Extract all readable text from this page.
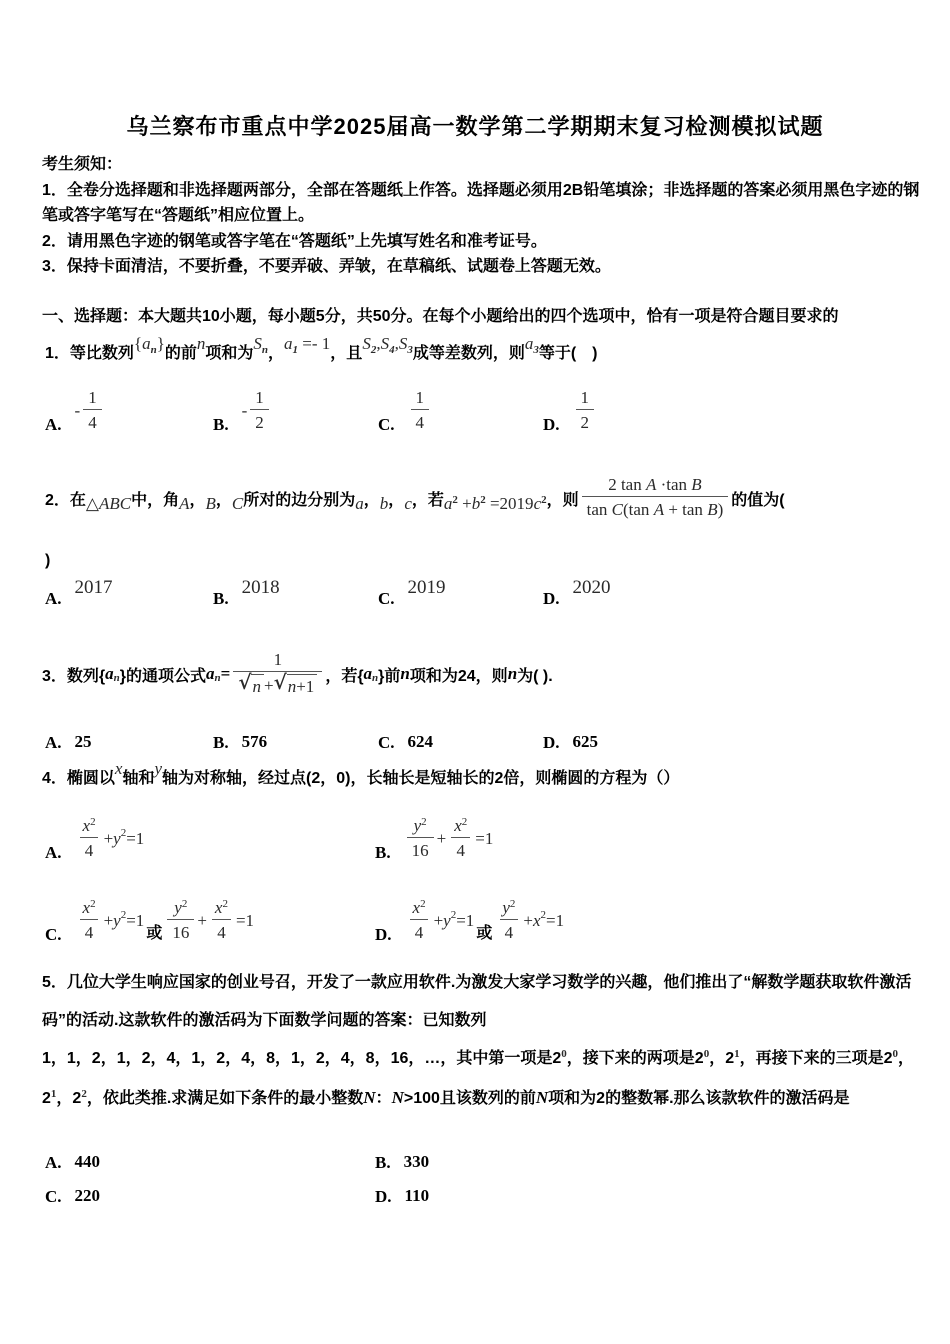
乌兰察布市重点中学2025届高一数学第二学期期末复习检测模拟试题
考生须知：
1．全卷分选择题和非选择题两部分，全部在答题纸上作答。选择题必须用2B铅笔填涂；非选择题的答案必须用黑色字迹的钢笔或答字笔写在“答题纸”相应位置上。
2．请用黑色字迹的钢笔或答字笔在“答题纸”上先填写姓名和准考证号。
3．保持卡面清洁，不要折叠，不要弄破、弄皱，在草稿纸、试题卷上答题无效。
一、选择题：本大题共10小题，每小题5分，共50分。在每个小题给出的四个选项中，恰有一项是符合题目要求的
1．等比数列$\{a_n\}$的前n项和为$S_n$，$a_1 =- 1$，且$S_2,S_4,S_3$成等差数列，则$a_3$等于(　)
A.
- $\frac{1}{4}$	B.
- $\frac{1}{2}$	C. $\frac{1}{4}$	D. $\frac{1}{2}$
2．在 △ABC 中，角 A ， B ， C 所对的边分别为 a ， b ， c ，若 $a^2 +b^2 =2019c^2$ ，则 $\frac{\text{2 tan A ·tan B}}{\text{tan C(tan A + tan B)}}$ 的值为(
)
A.
2017
B.
2018
C.
2019
D.
2020
3．数列{ a n }的通项公式 a $n = \frac{1}{√ n + √ n+1}$ ，若{ a n }前 n 项和为24，则 n 为( ).
A. 25	B. 576	C. 624	D. 625
4．椭圆以x轴和y轴为对称轴，经过点(2，0)，长轴长是短轴长的2倍，则椭圆的方程为（）
A. $\frac{x^2}{4} + y$ 2 =1
B. $\frac{y^2}{16} + \frac{x^2}{4} =1$
C. $\frac{x^2}{4} + y$ 2 =1
或 $\frac{y^2}{16} + \frac{x^2}{4} =1$
D. $\frac{x^2}{4} + y$ 2 =1
或 $\frac{y^2}{4} + x$ 2 =1
5．几位大学生响应国家的创业号召，开发了一款应用软件.为激发大家学习数学的兴趣，他们推出了“解数学题获取软件激活码”的活动.这款软件的激活码为下面数学问题的答案：已知数列
1，1，2，1，2，4，1，2，4，8，1，2，4，8，16，…，其中第一项是$2^0$，接下来的两项是$2^0$，$2^1$，再接下来的三项是$2^0$，$2^1$，$2^2$，依此类推.求满足如下条件的最小整数N：N>100且该数列的前N项和为2的整数幂.那么该款软件的激活码是
A. 440	B. 330
C. 220	D. 110
